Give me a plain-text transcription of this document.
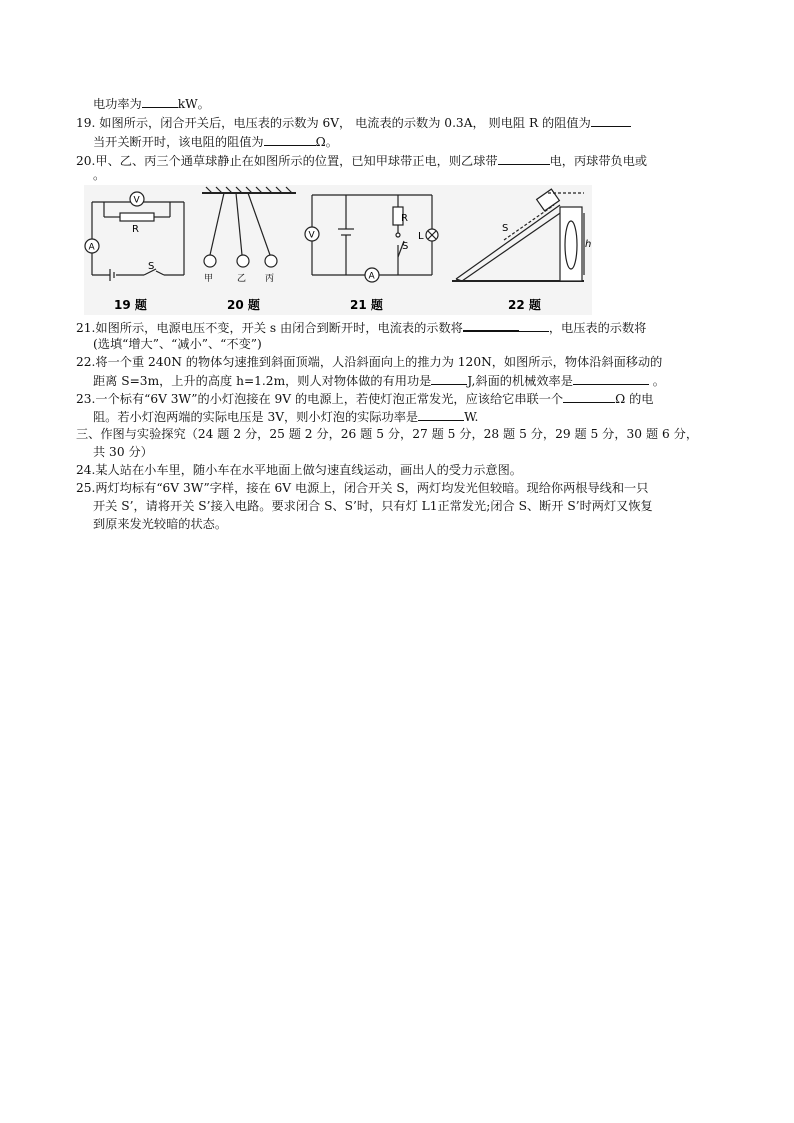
电功率为	kW。
19. 如图所示，闭合开关后，电压表的示数为 6V， 电流表的示数为 0.3A， 则电阻 R 的阻值为
当开关断开时，该电阻的阻值为	Ω。
20.甲、乙、丙三个通草球静止在如图所示的位置，已知甲球带正电，则乙球带	电，丙球带负电或
。
V
R
A
S
甲	乙 丙
V
R
S
L
A
S
h
19 题	20 题	21 题	22 题
21.如图所示，电源电压不变，开关 s 由闭合到断开时，电流表的示数将	，电压表的示数将
(选填“增大”、“减小”、“不变”)
22.将一个重 240N 的物体匀速推到斜面顶端，人沿斜面向上的推力为 120N，如图所示，物体沿斜面移动的
距离 S=3m，上升的高度 h=1.2m，则人对物体做的有用功是	J,斜面的机械效率是	。
23.一个标有“6V 3W”的小灯泡接在 9V 的电源上，若使灯泡正常发光，应该给它串联一个	Ω 的电
阻。若小灯泡两端的实际电压是 3V，则小灯泡的实际功率是	W.
三、作图与实验探究（24 题 2 分，25 题 2 分，26 题 5 分，27 题 5 分，28 题 5 分，29 题 5 分，30 题 6 分，
共 30 分）
24.某人站在小车里，随小车在水平地面上做匀速直线运动，画出人的受力示意图。
25.两灯均标有“6V 3W”字样，接在 6V 电源上，闭合开关 S，两灯均发光但较暗。现给你两根导线和一只
开关 S’，请将开关 S’接入电路。要求闭合 S、S’时，只有灯 L1正常发光;闭合 S、断开 S’时两灯又恢复
到原来发光较暗的状态。
